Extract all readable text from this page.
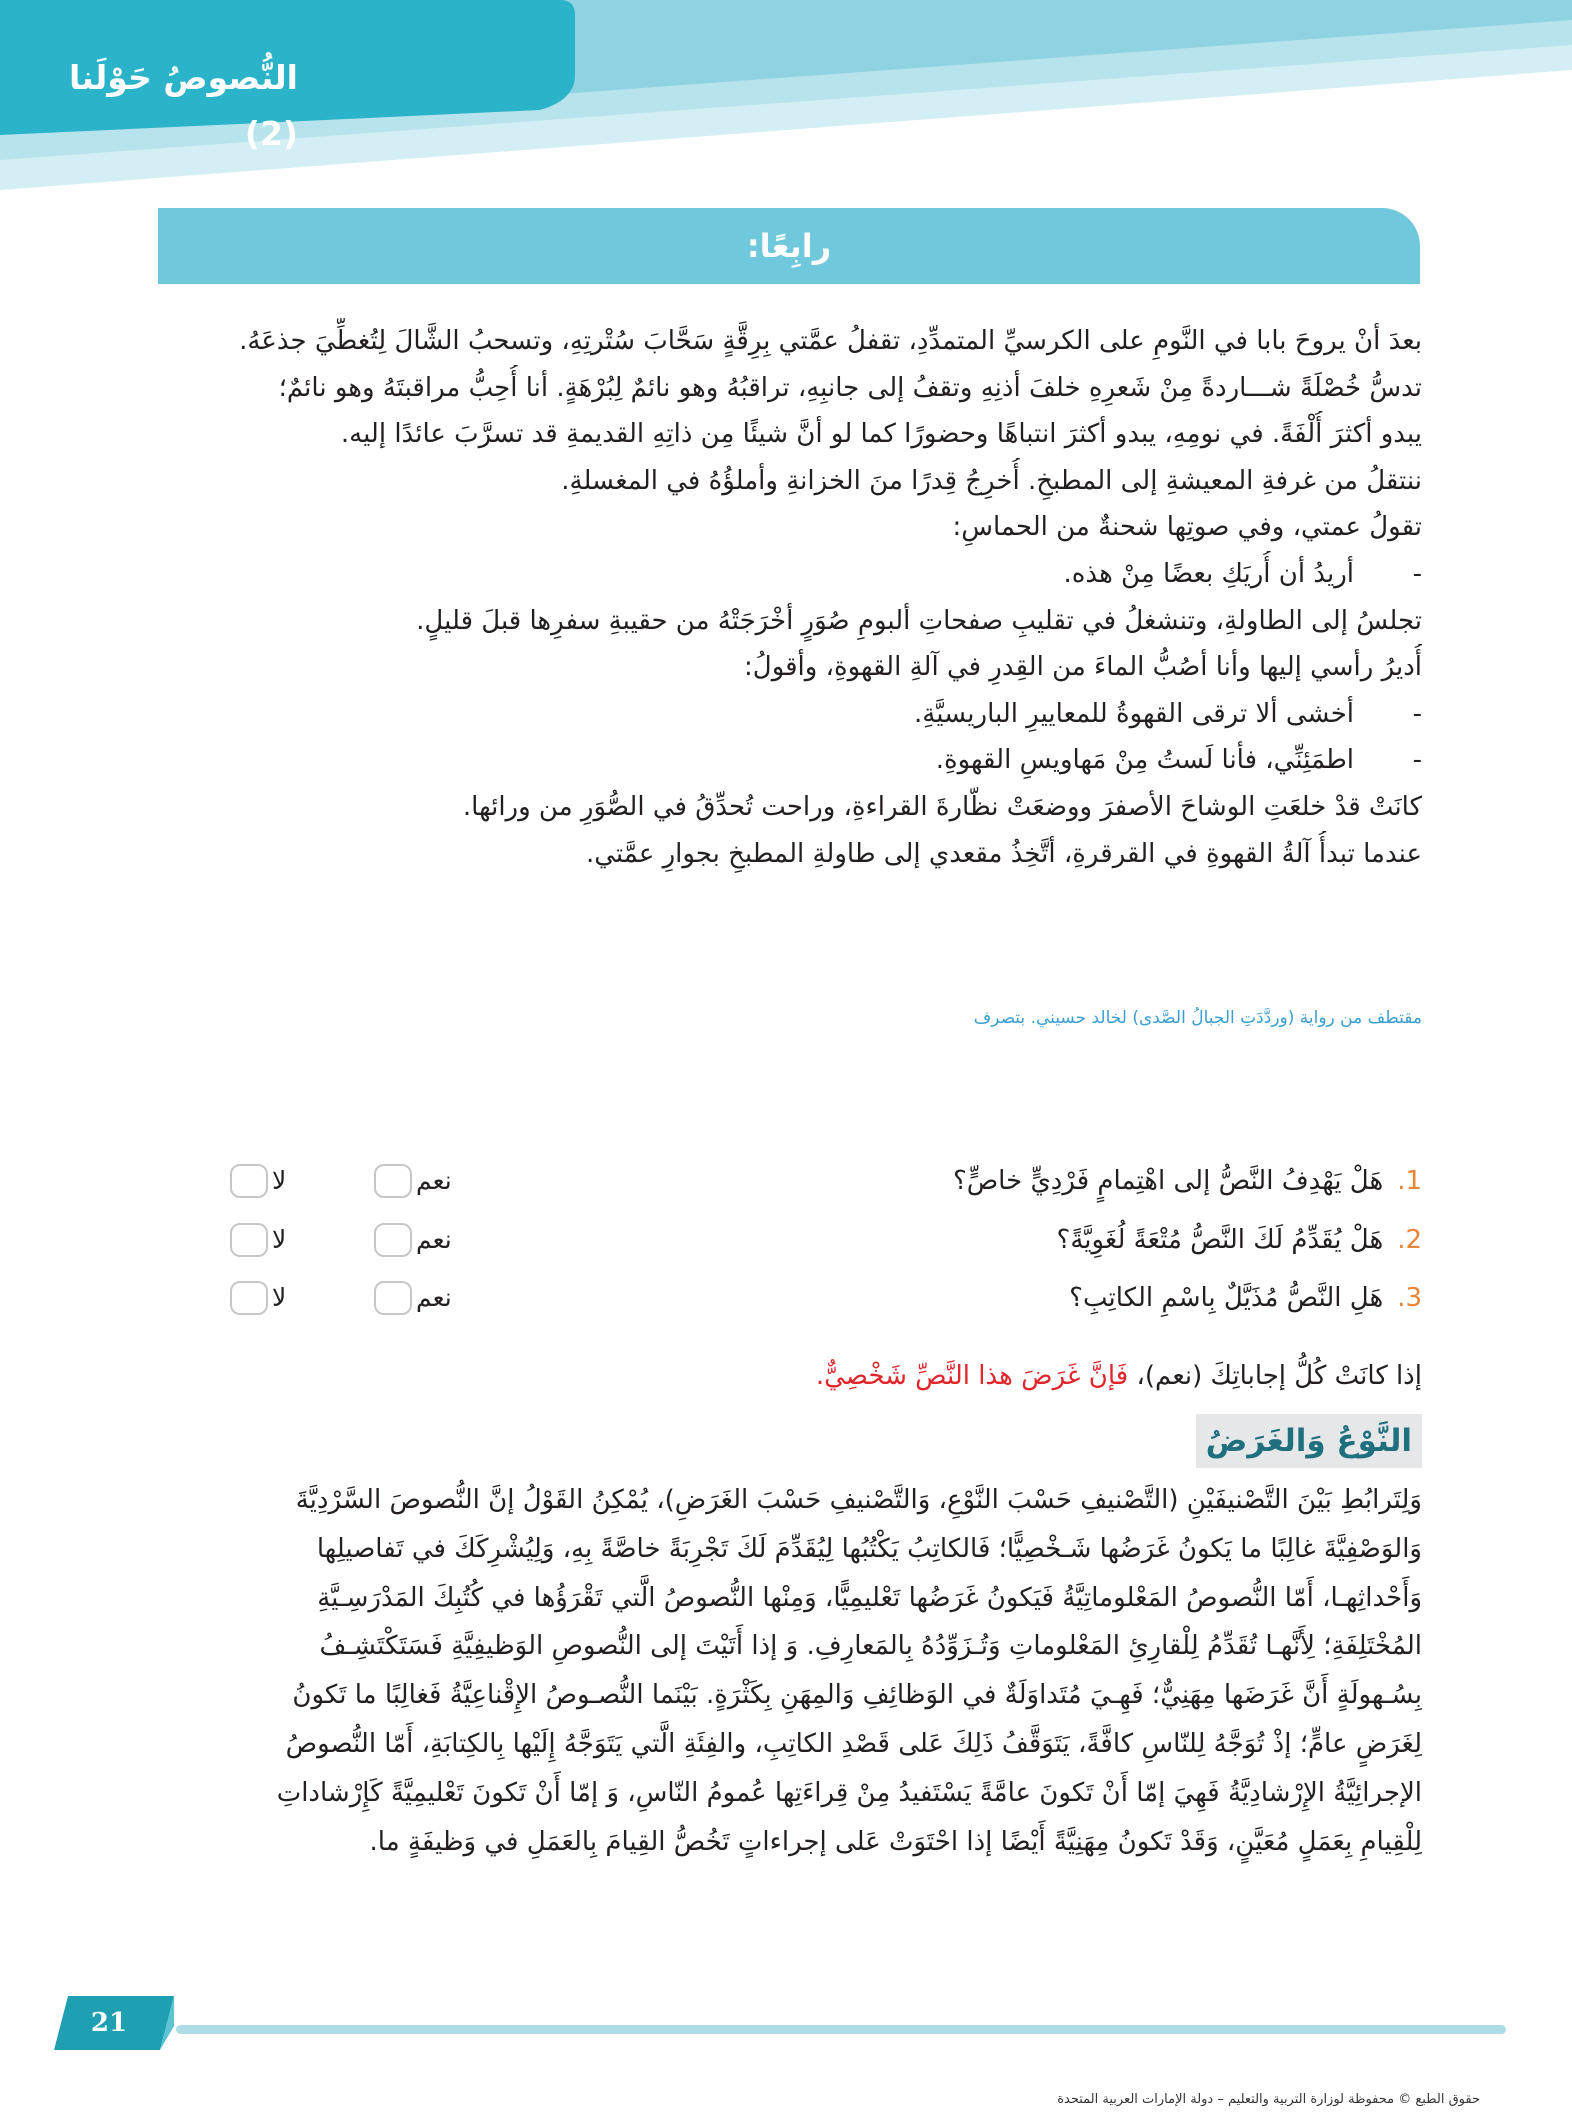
النُّصوصُ حَوْلَنا (2)
رابِعًا:

بعدَ أنْ يروحَ بابا في النَّومِ على الكرسيِّ المتمدِّدِ، تقفلُ عمَّتي بِرِقَّةٍ سَحَّابَ سُتْرتِهِ، وتسحبُ الشَّالَ لِتُغطِّيَ جذعَهُ.

تدسُّ خُصْلَةً شـــاردةً مِنْ شَعرِهِ خلفَ أذنِهِ وتقفُ إلى جانبِهِ، تراقبُهُ وهو نائمٌ لِبُرْهَةٍ. أنا أُحِبُّ مراقبتَهُ وهو نائمٌ؛

يبدو أكثرَ أُلْفَةً. في نومِهِ، يبدو أكثرَ انتباهًا وحضورًا كما لو أنَّ شيئًا مِن ذاتِهِ القديمةِ قد تسرَّبَ عائدًا إليه.

ننتقلُ من غرفةِ المعيشةِ إلى المطبخِ. أُخرِجُ قِدرًا منَ الخزانةِ وأملؤُهُ في المغسلةِ.

تقولُ عمتي، وفي صوتِها شحنةٌ من الحماسِ:

-أريدُ أن أُريَكِ بعضًا مِنْ هذه.

تجلسُ إلى الطاولةِ، وتنشغلُ في تقليبِ صفحاتِ ألبومِ صُوَرٍ أخْرَجَتْهُ من حقيبةِ سفرِها قبلَ قليلٍ.

أُديرُ رأسي إليها وأنا أصُبُّ الماءَ من القِدرِ في آلةِ القهوةِ، وأقولُ:

-أخشى ألا ترقى القهوةُ للمعاييرِ الباريسيَّةِ.

-اطمَئِنِّي، فأنا لَستُ مِنْ مَهاويسِ القهوةِ.

كانَتْ قدْ خلعَتِ الوشاحَ الأصفرَ ووضعَتْ نظّارةَ القراءةِ، وراحت تُحدِّقُ في الصُّوَرِ من ورائها.

عندما تبدأُ آلةُ القهوةِ في القرقرةِ، أتَّخِذُ مقعدي إلى طاولةِ المطبخِ بجوارِ عمَّتي.

مقتطف من رواية (وردَّدَتِ الجبالُ الصَّدى) لخالد حسيني. بتصرف
1.هَلْ يَهْدِفُ النَّصُّ إلى اهْتِمامٍ فَرْدِيٍّ خاصٍّ؟
نعم
لا
2.هَلْ يُقَدِّمُ لَكَ النَّصُّ مُتْعَةً لُغَوِيَّةً؟
نعم
لا
3.هَلِ النَّصُّ مُذَيَّلٌ بِاسْمِ الكاتِبِ؟
نعم
لا
إذا كانَتْ كُلُّ إجاباتِكَ (نعم)، فَإنَّ غَرَضَ هذا النَّصِّ شَخْصِيٌّ.
النَّوْعُ وَالغَرَضُ

وَلِتَرابُطِ بَيْنَ التَّصْنيفَيْنِ (التَّصْنيفِ حَسْبَ النَّوْعِ، وَالتَّصْنيفِ حَسْبَ الغَرَضِ)، يُمْكِنُ القَوْلُ إنَّ النُّصوصَ السَّرْدِيَّةَ

وَالوَصْفِيَّةَ غالِبًا ما يَكونُ غَرَضُها شَـخْصِيًّا؛ فَالكاتِبُ يَكْتُبُها لِيُقَدِّمَ لَكَ تَجْرِبَةً خاصَّةً بِهِ، وَلِيُشْرِكَكَ في تَفاصيلِها

وَأَحْداثِهـا، أَمّا النُّصوصُ المَعْلوماتِيَّةُ فَيَكونُ غَرَضُها تَعْليمِيًّا، وَمِنْها النُّصوصُ الَّتي تَقْرَؤُها في كُتُبِكَ المَدْرَسِـيَّةِ

المُخْتَلِفَةِ؛ لِأَنَّهـا تُقَدِّمُ لِلْقارِئِ المَعْلوماتِ وَتُـزَوِّدُهُ بِالمَعارِفِ. وَ إذا أَتَيْتَ إلى النُّصوصِ الوَظيفِيَّةِ فَسَتَكْتَشِـفُ

بِسُـهولَةٍ أَنَّ غَرَضَها مِهَنِيٌّ؛ فَهِـيَ مُتَداوَلَةٌ في الوَظائِفِ وَالمِهَنِ بِكَثْرَةٍ. بَيْنَما النُّصـوصُ الإِقْناعِيَّةُ فَغالِبًا ما تَكونُ

لِغَرَضٍ عامٍّ؛ إذْ تُوَجَّهُ لِلنّاسِ كافَّةً، يَتَوَقَّفُ ذَلِكَ عَلى قَصْدِ الكاتِبِ، والفِئَةِ الَّتي يَتَوَجَّهُ إِلَيْها بِالكِتابَةِ، أَمّا النُّصوصُ

الإجرائِيَّةُ الإِرْشادِيَّةُ فَهِيَ إمّا أَنْ تَكونَ عامَّةً يَسْتَفيدُ مِنْ قِراءَتِها عُمومُ النّاسِ، وَ إمّا أَنْ تَكونَ تَعْليمِيَّةً كَإِرْشاداتِ

لِلْقِيامِ بِعَمَلٍ مُعَيَّنٍ، وَقَدْ تَكونُ مِهَنِيَّةً أَيْضًا إذا احْتَوَتْ عَلى إجراءاتٍ تَخُصُّ القِيامَ بِالعَمَلِ في وَظيفَةٍ ما.

21
حقوق الطبع © محفوظة لوزارة التربية والتعليم – دولة الإمارات العربية المتحدة
